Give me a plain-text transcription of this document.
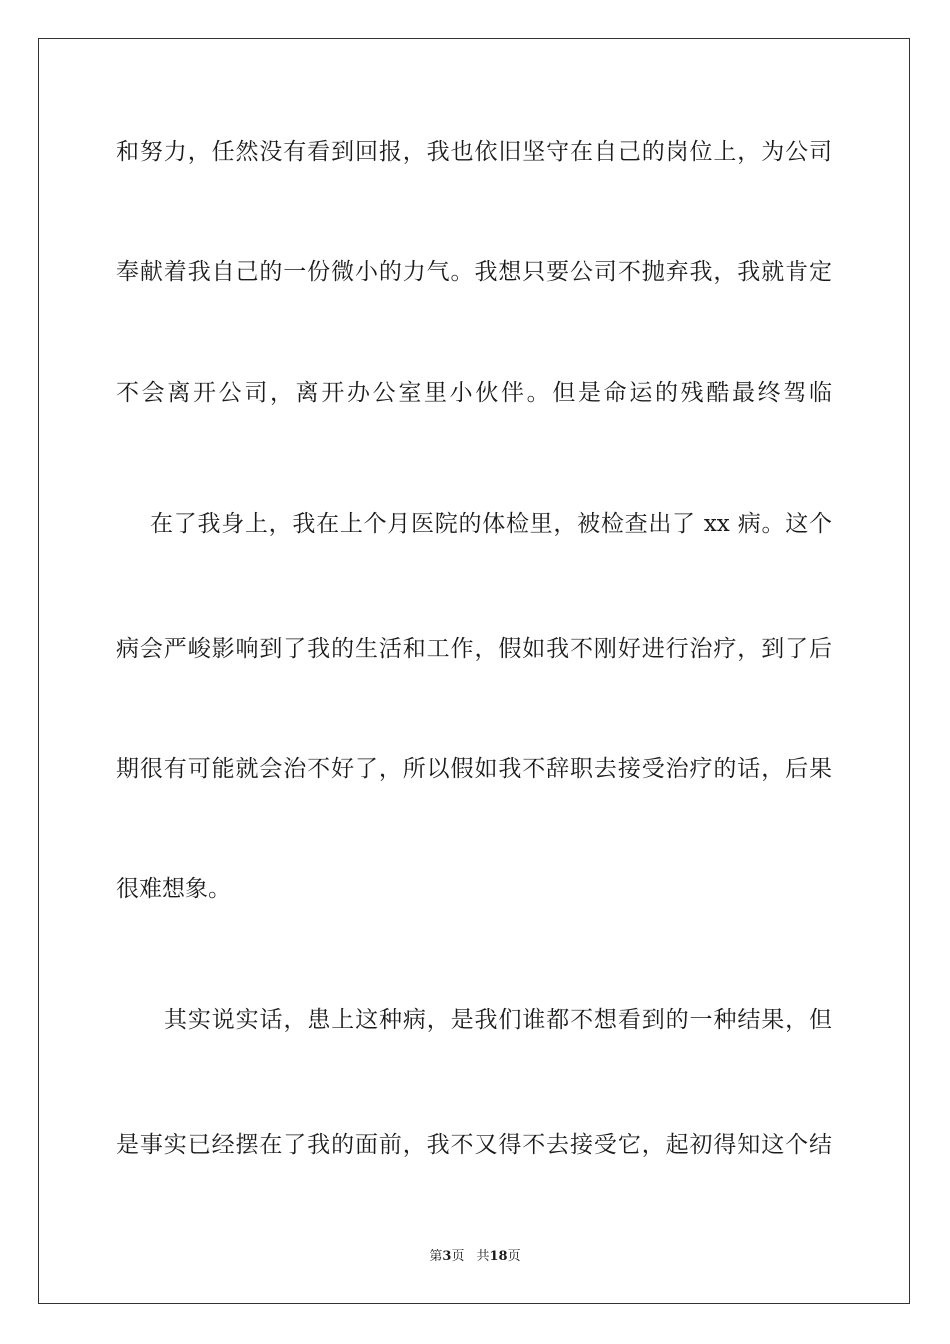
和努力，任然没有看到回报，我也依旧坚守在自己的岗位上，为公司
奉献着我自己的一份微小的力气。我想只要公司不抛弃我，我就肯定
不会离开公司，离开办公室里小伙伴。但是命运的残酷最终驾临
在了我身上，我在上个月医院的体检里，被检查出了 xx 病。这个
病会严峻影响到了我的生活和工作，假如我不刚好进行治疗，到了后
期很有可能就会治不好了，所以假如我不辞职去接受治疗的话，后果
很难想象。
其实说实话，患上这种病，是我们谁都不想看到的一种结果，但
是事实已经摆在了我的面前，我不又得不去接受它，起初得知这个结
第3页 共18页
